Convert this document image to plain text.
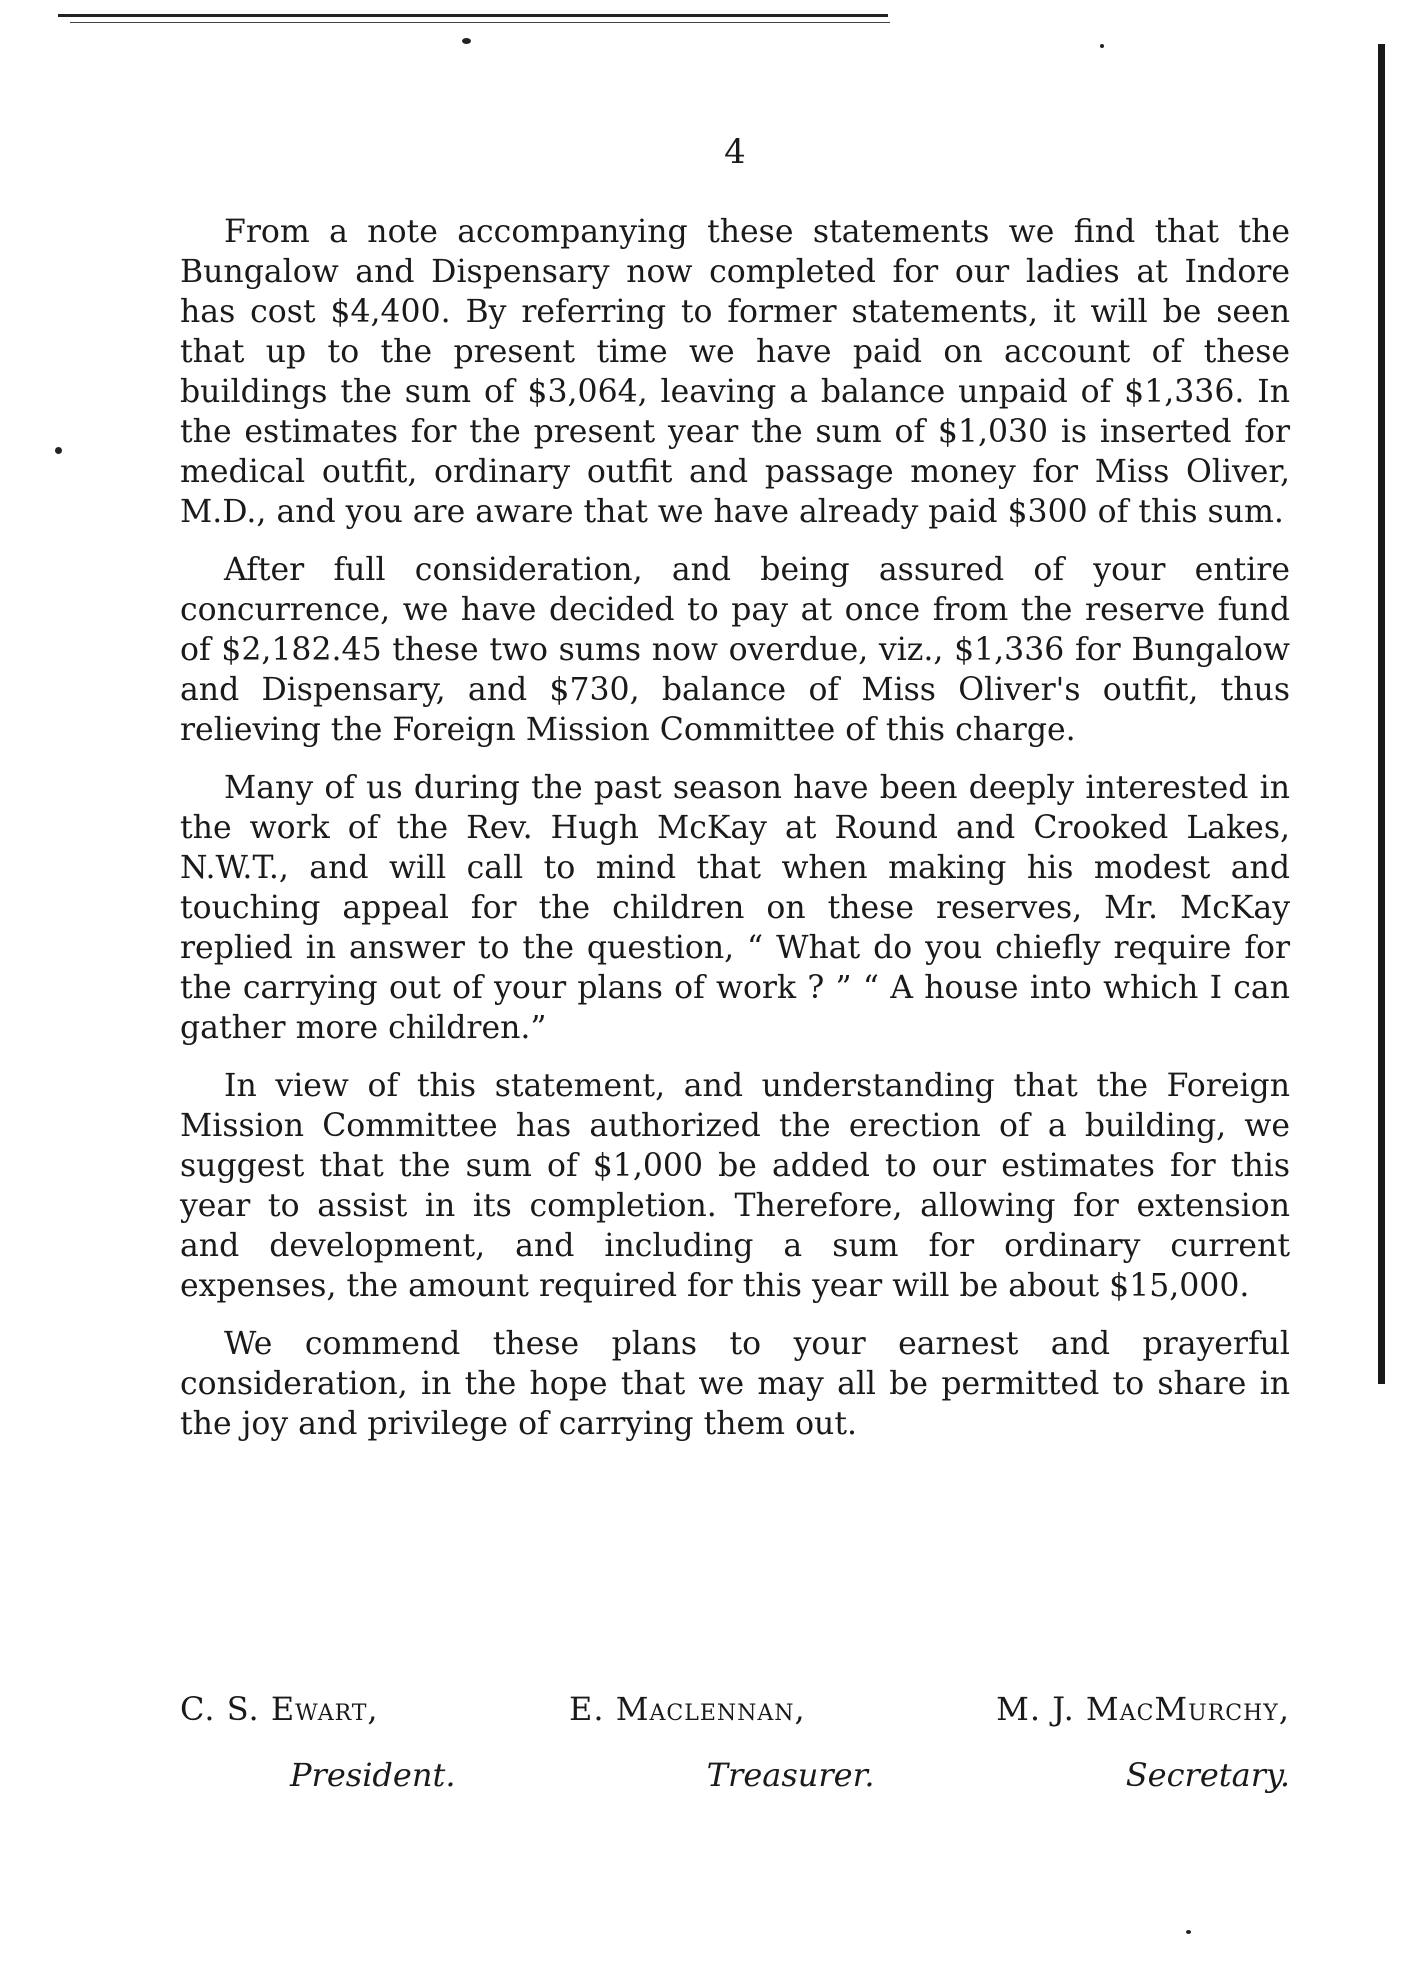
4

From a note accompanying these statements we find that the Bungalow and Dispensary now completed for our ladies at Indore has cost $4,400. By referring to former statements, it will be seen that up to the present time we have paid on account of these buildings the sum of $3,064, leaving a balance unpaid of $1,336. In the estimates for the present year the sum of $1,030 is inserted for medical outfit, ordinary outfit and passage money for Miss Oliver, M.D., and you are aware that we have already paid $300 of this sum.

After full consideration, and being assured of your entire concurrence, we have decided to pay at once from the reserve fund of $2,182.45 these two sums now overdue, viz., $1,336 for Bungalow and Dispensary, and $730, balance of Miss Oliver's outfit, thus relieving the Foreign Mission Committee of this charge.

Many of us during the past season have been deeply interested in the work of the Rev. Hugh McKay at Round and Crooked Lakes, N.W.T., and will call to mind that when making his modest and touching appeal for the children on these reserves, Mr. McKay replied in answer to the question, “ What do you chiefly require for the carrying out of your plans of work ? ” “ A house into which I can gather more children.”

In view of this statement, and understanding that the Foreign Mission Committee has authorized the erection of a building, we suggest that the sum of $1,000 be added to our estimates for this year to assist in its completion. Therefore, allowing for extension and development, and including a sum for ordinary current expenses, the amount required for this year will be about $15,000.

We commend these plans to your earnest and prayerful consideration, in the hope that we may all be permitted to share in the joy and privilege of carrying them out.

C. S. Ewart,	E. Maclennan,	M. J. MacMurchy,
President.	Treasurer.	Secretary.
